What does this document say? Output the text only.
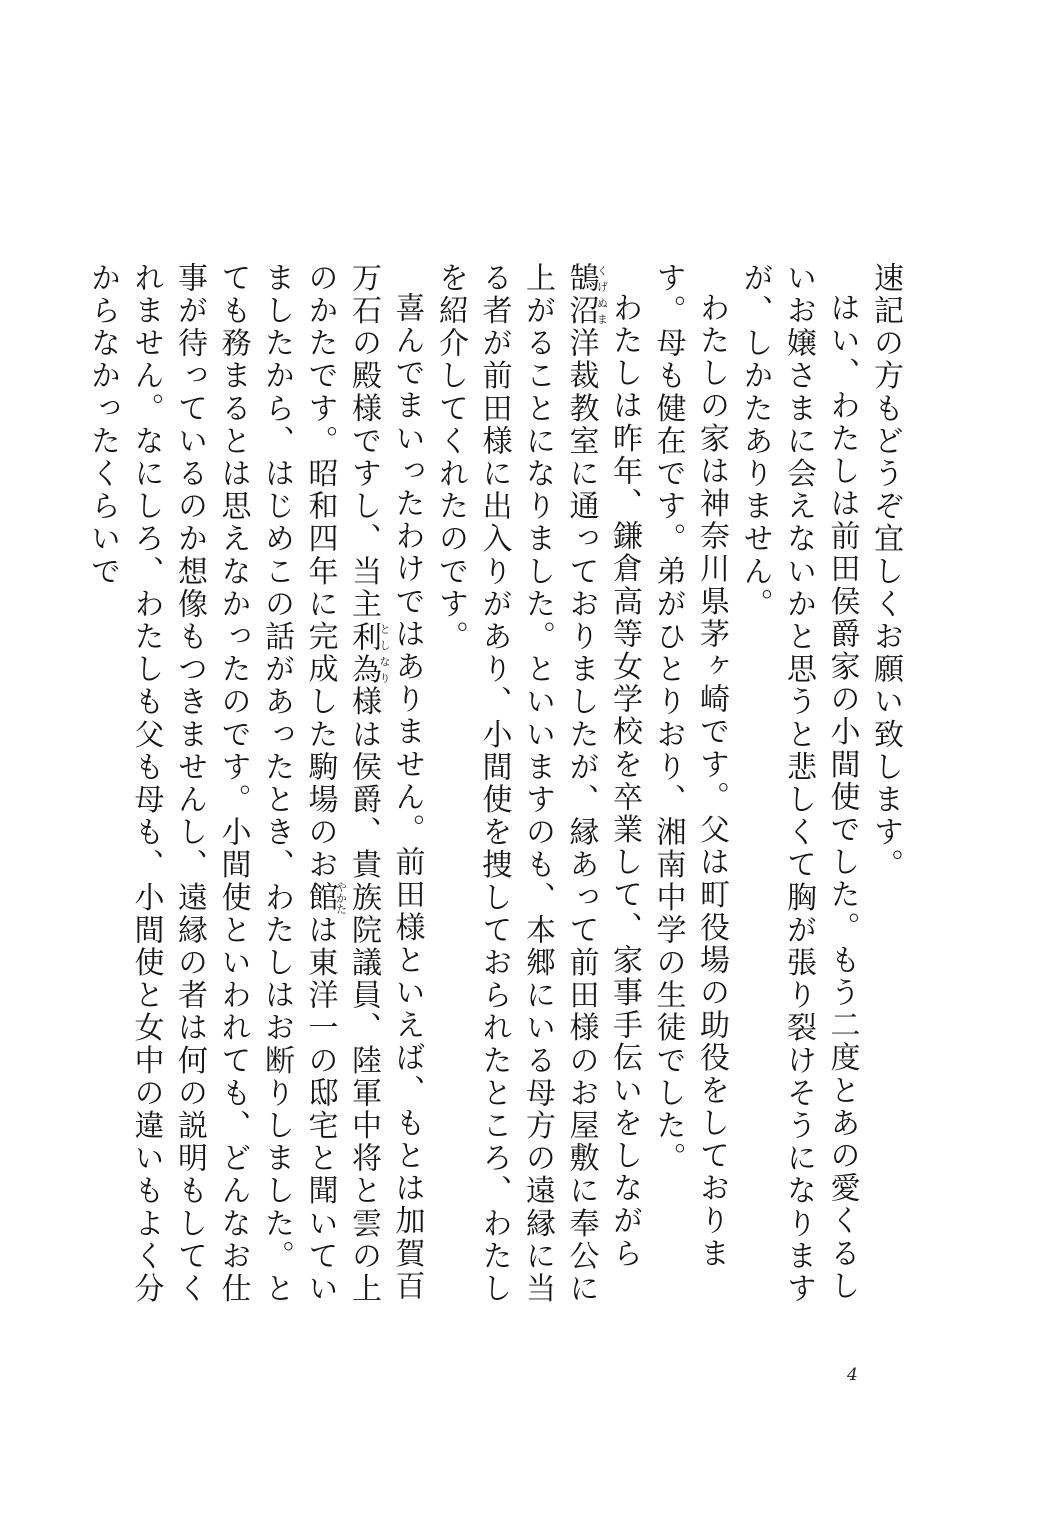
速記の方もどうぞ宜しくお願い致します。

はい、わたしは前田侯爵家の小間使でした。もう二度とあの愛くるしいお嬢さまに会えないかと思うと悲しくて胸が張り裂けそうになりますが、しかたありません。

わたしの家は神奈川県茅ヶ崎です。父は町役場の助役をしております。母も健在です。弟がひとりおり、湘南中学の生徒でした。

わたしは昨年、鎌倉高等女学校を卒業して、家事手伝いをしながら鵠沼くげぬま洋裁教室に通っておりましたが、縁あって前田様のお屋敷に奉公に上がることになりました。といいますのも、本郷にいる母方の遠縁に当る者が前田様に出入りがあり、小間使を捜しておられたところ、わたしを紹介してくれたのです。

喜んでまいったわけではありません。前田様といえば、もとは加賀百万石の殿様ですし、当主利為としなり様は侯爵、貴族院議員、陸軍中将と雲の上のかたです。昭和四年に完成した駒場のお館やかたは東洋一の邸宅と聞いていましたから、はじめこの話があったとき、わたしはお断りしました。とても務まるとは思えなかったのです。小間使といわれても、どんなお仕事が待っているのか想像もつきませんし、遠縁の者は何の説明もしてくれません。なにしろ、わたしも父も母も、小間使と女中の違いもよく分からなかったくらいで

4
